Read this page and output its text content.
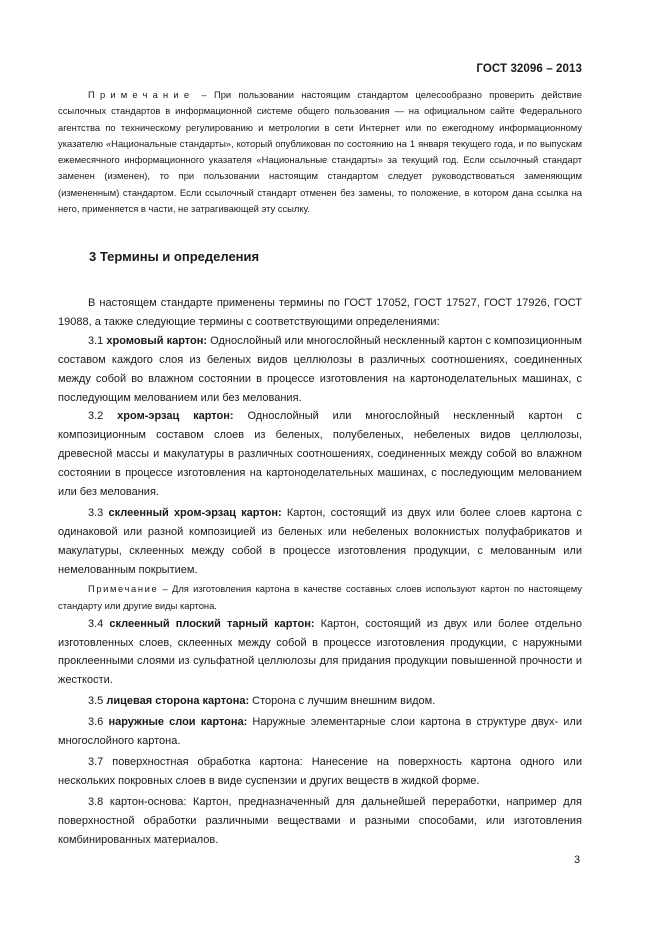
ГОСТ 32096 – 2013

Примечание – При пользовании настоящим стандартом целесообразно проверить действие ссылочных стандартов в информационной системе общего пользования — на официальном сайте Федерального агентства по техническому регулированию и метрологии в сети Интернет или по ежегодному информационному указателю «Национальные стандарты», который опубликован по состоянию на 1 января текущего года, и по выпускам ежемесячного информационного указателя «Национальные стандарты» за текущий год. Если ссылочный стандарт заменен (изменен), то при пользовании настоящим стандартом следует руководствоваться заменяющим (измененным) стандартом. Если ссылочный стандарт отменен без замены, то положение, в котором дана ссылка на него, применяется в части, не затрагивающей эту ссылку.

3 Термины и определения

В настоящем стандарте применены термины по ГОСТ 17052, ГОСТ 17527, ГОСТ 17926, ГОСТ 19088, а также следующие термины с соответствующими определениями:

3.1 хромовый картон: Однослойный или многослойный нескленный картон с композиционным составом каждого слоя из беленых видов целлюлозы в различных соотношениях, соединенных между собой во влажном состоянии в процессе изготовления на картоноделательных машинах, с последующим мелованием или без мелования.

3.2 хром-эрзац картон: Однослойный или многослойный нескленный картон с композиционным составом слоев из беленых, полубеленых, небеленых видов целлюлозы, древесной массы и макулатуры в различных соотношениях, соединенных между собой во влажном состоянии в процессе изготовления на картоноделательных машинах, с последующим мелованием или без мелования.

3.3 склеенный хром-эрзац картон: Картон, состоящий из двух или более слоев картона с одинаковой или разной композицией из беленых или небеленых волокнистых полуфабрикатов и макулатуры, склеенных между собой в процессе изготовления продукции, с мелованным или немелованным покрытием.

Примечание – Для изготовления картона в качестве составных слоев используют картон по настоящему стандарту или другие виды картона.

3.4 склеенный плоский тарный картон: Картон, состоящий из двух или более отдельно изготовленных слоев, склеенных между собой в процессе изготовления продукции, с наружными проклеенными слоями из сульфатной целлюлозы для придания продукции повышенной прочности и жесткости.

3.5 лицевая сторона картона: Сторона с лучшим внешним видом.

3.6 наружные слои картона: Наружные элементарные слои картона в структуре двух- или многослойного картона.

3.7 поверхностная обработка картона: Нанесение на поверхность картона одного или нескольких покровных слоев в виде суспензии и других веществ в жидкой форме.

3.8 картон-основа: Картон, предназначенный для дальнейшей переработки, например для поверхностной обработки различными веществами и разными способами, или изготовления комбинированных материалов.

3
